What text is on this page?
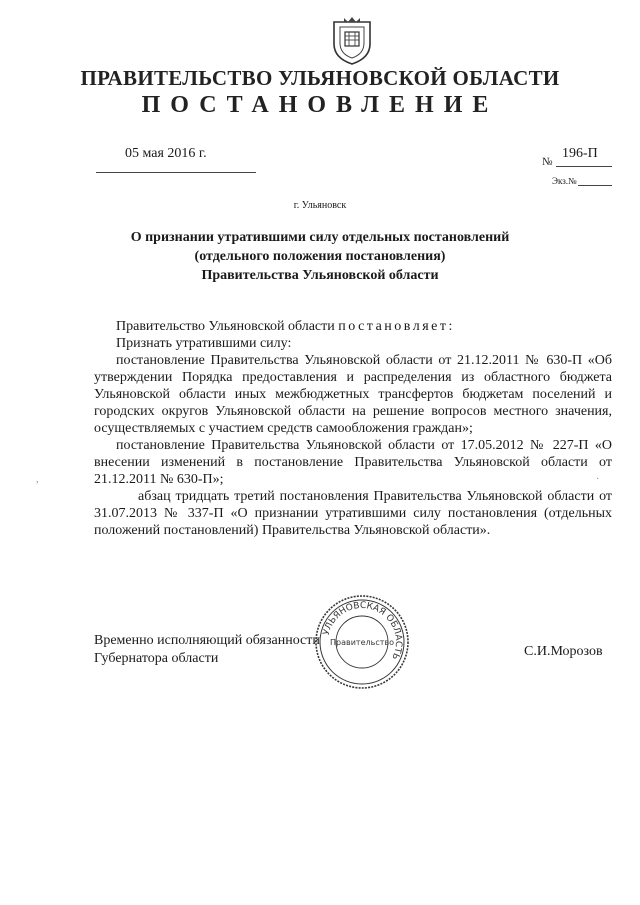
ПРАВИТЕЛЬСТВО УЛЬЯНОВСКОЙ ОБЛАСТИ
ПОСТАНОВЛЕНИЕ
05 мая 2016 г.
№
196-П
Экз.№
г. Ульяновск
О признании утратившими силу отдельных постановлений
(отдельного положения постановления)
Правительства Ульяновской области

Правительство Ульяновской области постановляет:

Признать утратившими силу:

постановление Правительства Ульяновской области от 21.12.2011 № 630-П «Об утверждении Порядка предоставления и распределения из областного бюджета Ульяновской области иных межбюджетных трансфертов бюджетам поселений и городских округов Ульяновской области на решение вопросов местного значения, осуществляемых с участием средств самообложения граждан»;

постановление Правительства Ульяновской области от 17.05.2012 № 227-П «О внесении изменений в постановление Правительства Ульяновской области от 21.12.2011 № 630-П»;

абзац тридцать третий постановления Правительства Ульяновской области от 31.07.2013 № 337-П «О признании утратившими силу постановления (отдельных положений постановлений) Правительства Ульяновской области».

УЛЬЯНОВСКАЯ ОБЛАСТЬ
Правительство
Временно исполняющий обязанности
Губернатора области	С.И.Морозов
,	·
